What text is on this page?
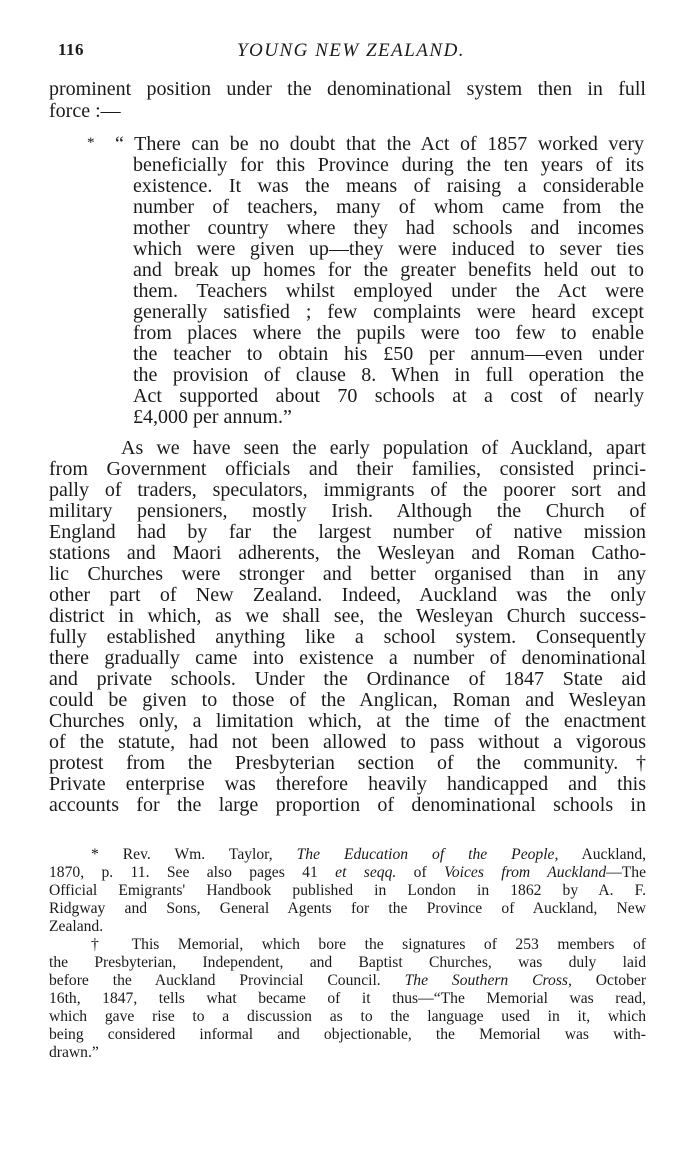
116	YOUNG NEW ZEALAND.
prominent position under the denominational system then in full
force :—
* “ There can be no doubt that the Act of 1857 worked very
beneficially for this Province during the ten years of its
existence. It was the means of raising a considerable
number of teachers, many of whom came from the
mother country where they had schools and incomes
which were given up—they were induced to sever ties
and break up homes for the greater benefits held out to
them. Teachers whilst employed under the Act were
generally satisfied ; few complaints were heard except
from places where the pupils were too few to enable
the teacher to obtain his £50 per annum—even under
the provision of clause 8. When in full operation the
Act supported about 70 schools at a cost of nearly
£4,000 per annum.”
As we have seen the early population of Auckland, apart
from Government officials and their families, consisted princi-
pally of traders, speculators, immigrants of the poorer sort and
military pensioners, mostly Irish. Although the Church of
England had by far the largest number of native mission
stations and Maori adherents, the Wesleyan and Roman Catho-
lic Churches were stronger and better organised than in any
other part of New Zealand. Indeed, Auckland was the only
district in which, as we shall see, the Wesleyan Church success-
fully established anything like a school system. Consequently
there gradually came into existence a number of denominational
and private schools. Under the Ordinance of 1847 State aid
could be given to those of the Anglican, Roman and Wesleyan
Churches only, a limitation which, at the time of the enactment
of the statute, had not been allowed to pass without a vigorous
protest from the Presbyterian section of the community.†
Private enterprise was therefore heavily handicapped and this
accounts for the large proportion of denominational schools in
* Rev. Wm. Taylor, The Education of the People, Auckland,
1870, p. 11. See also pages 41 et seqq. of Voices from Auckland—The
Official Emigrants' Handbook published in London in 1862 by A. F.
Ridgway and Sons, General Agents for the Province of Auckland, New
Zealand.
† This Memorial, which bore the signatures of 253 members of
the Presbyterian, Independent, and Baptist Churches, was duly laid
before the Auckland Provincial Council. The Southern Cross, October
16th, 1847, tells what became of it thus—“The Memorial was read,
which gave rise to a discussion as to the language used in it, which
being considered informal and objectionable, the Memorial was with-
drawn.”
